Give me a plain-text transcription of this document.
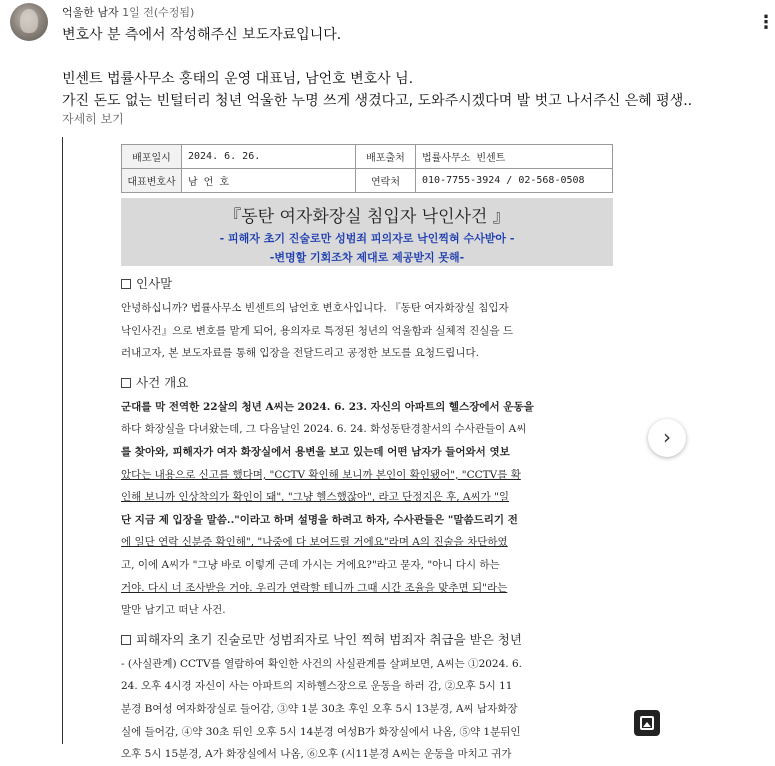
억울한 남자 1일 전(수정됨)	⋮
변호사 분 측에서 작성해주신 보도자료입니다.
빈센트 법률사무소 홍태의 운영 대표님, 남언호 변호사 님.
가진 돈도 없는 빈털터리 청년 억울한 누명 쓰게 생겼다고, 도와주시겠다며 발 벗고 나서주신 은혜 평생..
자세히 보기
배포일시	2024. 6. 26.	배포출처	법률사무소 빈센트
대표변호사	남 언 호	연락처	010-7755-3924 / 02-568-0508
『동탄 여자화장실 침입자 낙인사건 』
- 피해자 초기 진술로만 성범죄 피의자로 낙인찍혀 수사받아 -
-변명할 기회조차 제대로 제공받지 못해-
인사말
안녕하십니까? 법률사무소 빈센트의 남언호 변호사입니다. 『동탄 여자화장실 침입자
낙인사건』으로 변호를 맡게 되어, 용의자로 특정된 청년의 억울함과 실체적 진실을 드
러내고자, 본 보도자료를 통해 입장을 전달드리고 공정한 보도를 요청드립니다.
사건 개요
군대를 막 전역한 22살의 청년 A씨는 2024. 6. 23. 자신의 아파트의 헬스장에서 운동을
하다 화장실을 다녀왔는데, 그 다음날인 2024. 6. 24. 화성동탄경찰서의 수사관들이 A씨
를 찾아와, 피해자가 여자 화장실에서 용변을 보고 있는데 어떤 남자가 들어와서 엿보
았다는 내용으로 신고를 했다며, "CCTV 확인해 보니까 본인이 확인됐어", "CCTV를 확
인해 보니까 인상착의가 확인이 돼", "그냥 헬스했잖아", 라고 단정지은 후, A씨가 "일
단 지금 제 입장을 말씀.."이라고 하며 설명을 하려고 하자, 수사관들은 "말씀드리기 전
에 일단 연락 신분증 확인해", "나중에 다 보여드릴 거에요"라며 A의 진술을 차단하였
고, 이에 A씨가 "그냥 바로 이렇게 근데 가시는 거에요?"라고 묻자, "아니 다시 하는
거야. 다시 너 조사받을 거야. 우리가 연락할 테니까 그때 시간 조율을 맞추면 되"라는
말만 남기고 떠난 사건.
피해자의 초기 진술로만 성범죄자로 낙인 찍혀 범죄자 취급을 받은 청년
- (사실관계) CCTV를 열람하여 확인한 사건의 사실관계를 살펴보면, A씨는 ①2024. 6.
24. 오후 4시경 자신이 사는 아파트의 지하헬스장으로 운동을 하러 감, ②오후 5시 11
분경 B여성 여자화장실로 들어감, ③약 1분 30초 후인 오후 5시 13분경, A씨 남자화장
실에 들어감, ④약 30초 뒤인 오후 5시 14분경 여성B가 화장실에서 나옴, ⑤약 1분뒤인
오후 5시 15분경, A가 화장실에서 나옴, ⑥오후 (시11분경 A씨는 운동을 마치고 귀가
›
